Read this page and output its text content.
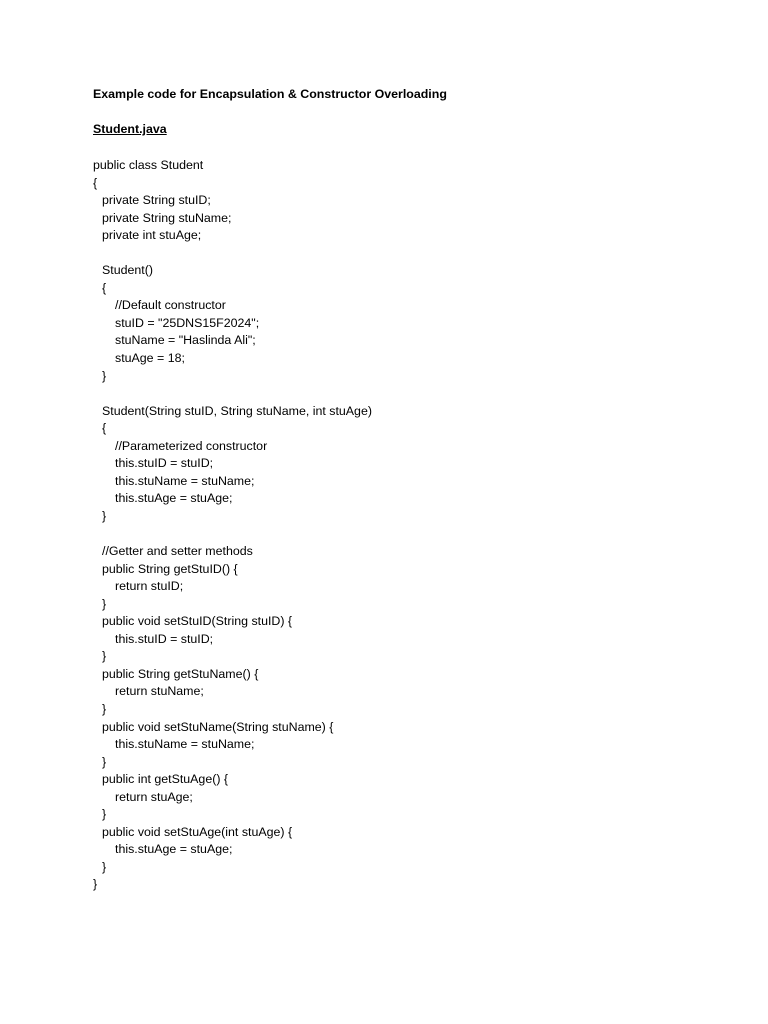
Example code for Encapsulation & Constructor Overloading
Student.java
public class Student
{
private String stuID;
private String stuName;
private int stuAge;
Student()
{
//Default constructor
stuID = "25DNS15F2024";
stuName = "Haslinda Ali";
stuAge = 18;
}
Student(String stuID, String stuName, int stuAge)
{
//Parameterized constructor
this.stuID = stuID;
this.stuName = stuName;
this.stuAge = stuAge;
}
//Getter and setter methods
public String getStuID() {
return stuID;
}
public void setStuID(String stuID) {
this.stuID = stuID;
}
public String getStuName() {
return stuName;
}
public void setStuName(String stuName) {
this.stuName = stuName;
}
public int getStuAge() {
return stuAge;
}
public void setStuAge(int stuAge) {
this.stuAge = stuAge;
}
}
